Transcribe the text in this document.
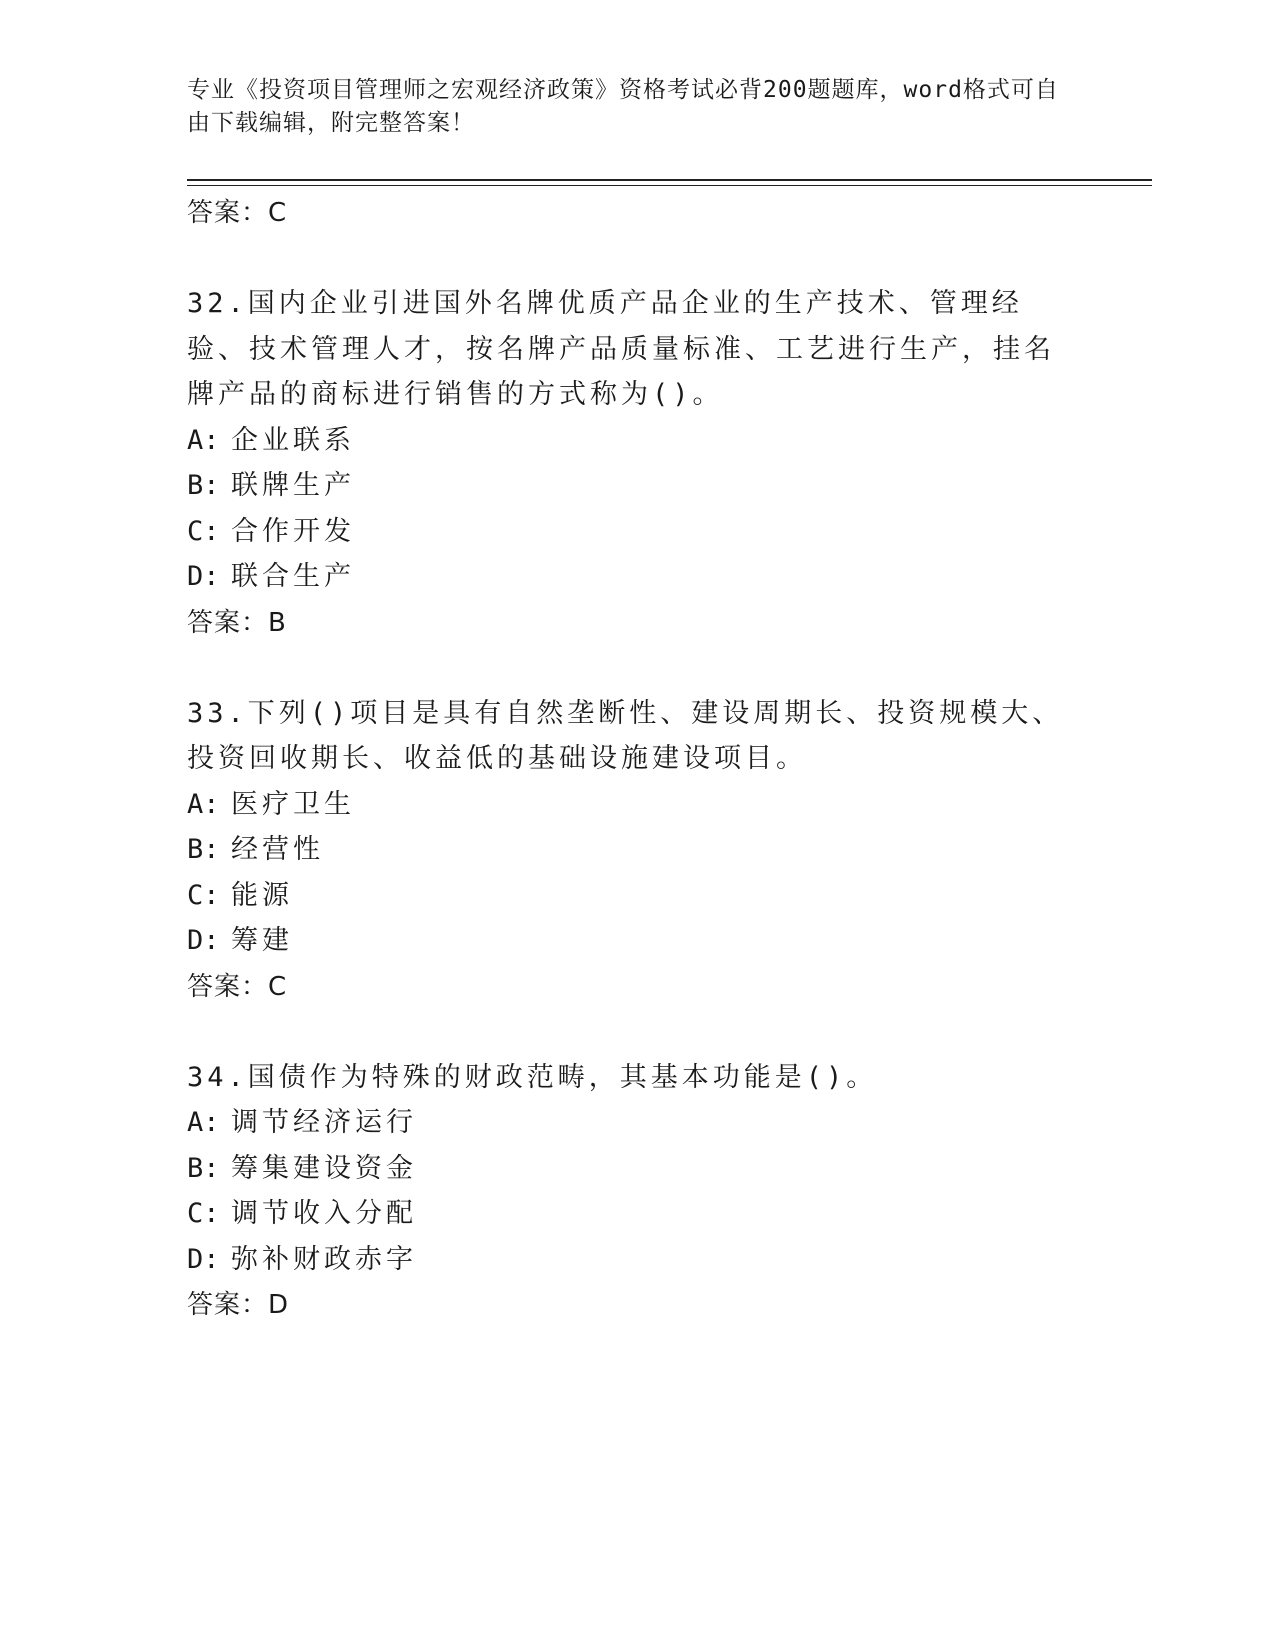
专业《投资项目管理师之宏观经济政策》资格考试必背200题题库，word格式可自由下载编辑，附完整答案！
答案：C
32.国内企业引进国外名牌优质产品企业的生产技术、管理经验、技术管理人才，按名牌产品质量标准、工艺进行生产，挂名牌产品的商标进行销售的方式称为()。
A: 企业联系
B: 联牌生产
C: 合作开发
D: 联合生产
答案：B
33.下列()项目是具有自然垄断性、建设周期长、投资规模大、投资回收期长、收益低的基础设施建设项目。
A: 医疗卫生
B: 经营性
C: 能源
D: 筹建
答案：C
34.国债作为特殊的财政范畴，其基本功能是()。
A: 调节经济运行
B: 筹集建设资金
C: 调节收入分配
D: 弥补财政赤字
答案：D
